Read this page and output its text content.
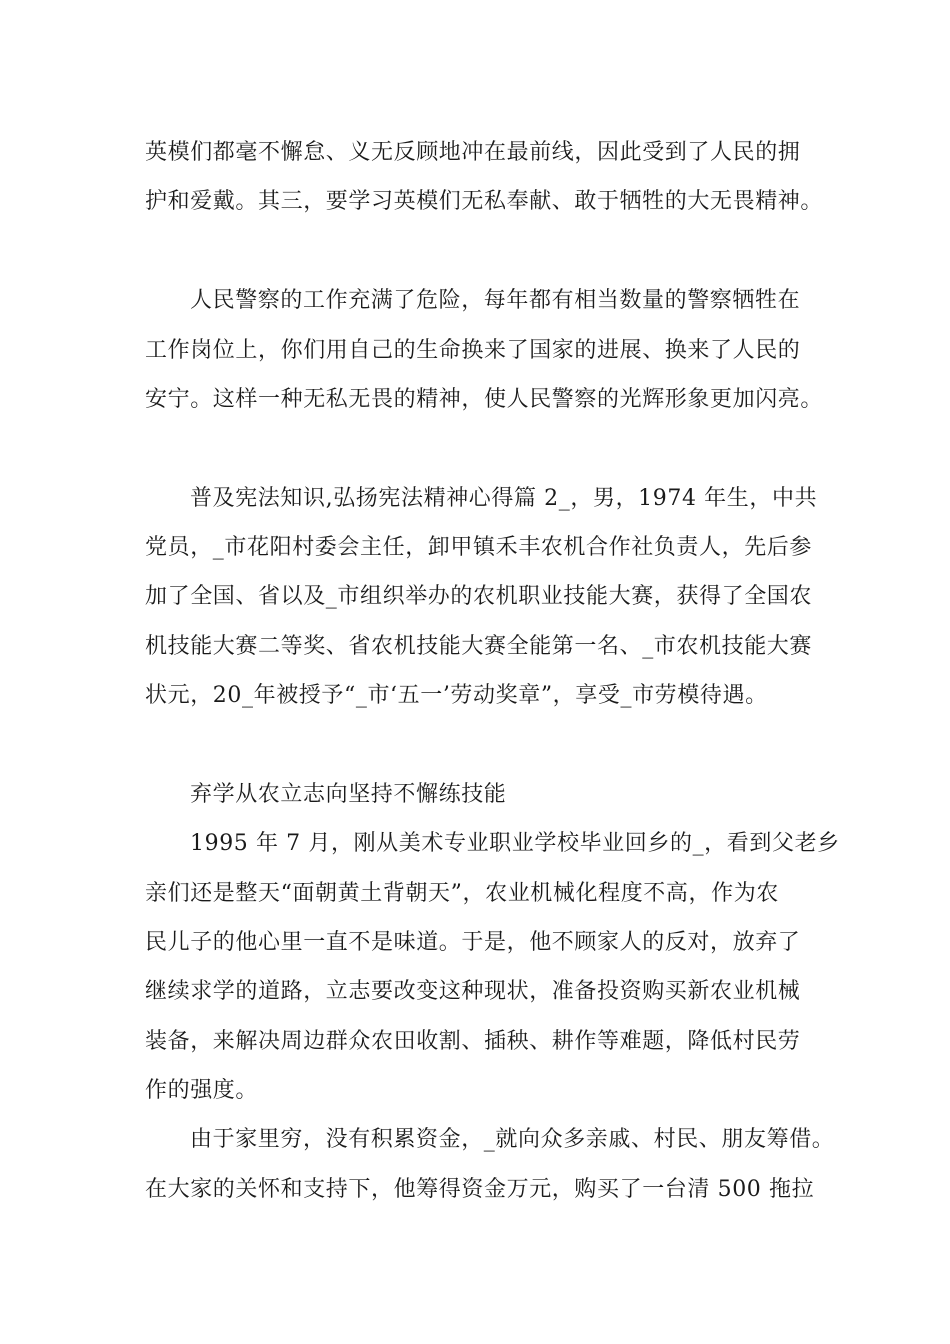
英模们都毫不懈怠、义无反顾地冲在最前线，因此受到了人民的拥

护和爱戴。其三，要学习英模们无私奉献、敢于牺牲的大无畏精神。

人民警察的工作充满了危险，每年都有相当数量的警察牺牲在

工作岗位上，你们用自己的生命换来了国家的进展、换来了人民的

安宁。这样一种无私无畏的精神，使人民警察的光辉形象更加闪亮。

普及宪法知识,弘扬宪法精神心得篇 2_，男，1974 年生，中共

党员，_市花阳村委会主任，卸甲镇禾丰农机合作社负责人，先后参

加了全国、省以及_市组织举办的农机职业技能大赛，获得了全国农

机技能大赛二等奖、省农机技能大赛全能第一名、_市农机技能大赛

状元，20_年被授予“_市‘五一’劳动奖章”，享受_市劳模待遇。

弃学从农立志向坚持不懈练技能

1995 年 7 月，刚从美术专业职业学校毕业回乡的_，看到父老乡

亲们还是整天“面朝黄土背朝天”，农业机械化程度不高，作为农

民儿子的他心里一直不是味道。于是，他不顾家人的反对，放弃了

继续求学的道路，立志要改变这种现状，准备投资购买新农业机械

装备，来解决周边群众农田收割、插秧、耕作等难题，降低村民劳

作的强度。

由于家里穷，没有积累资金，_就向众多亲戚、村民、朋友筹借。

在大家的关怀和支持下，他筹得资金万元，购买了一台清 500 拖拉
